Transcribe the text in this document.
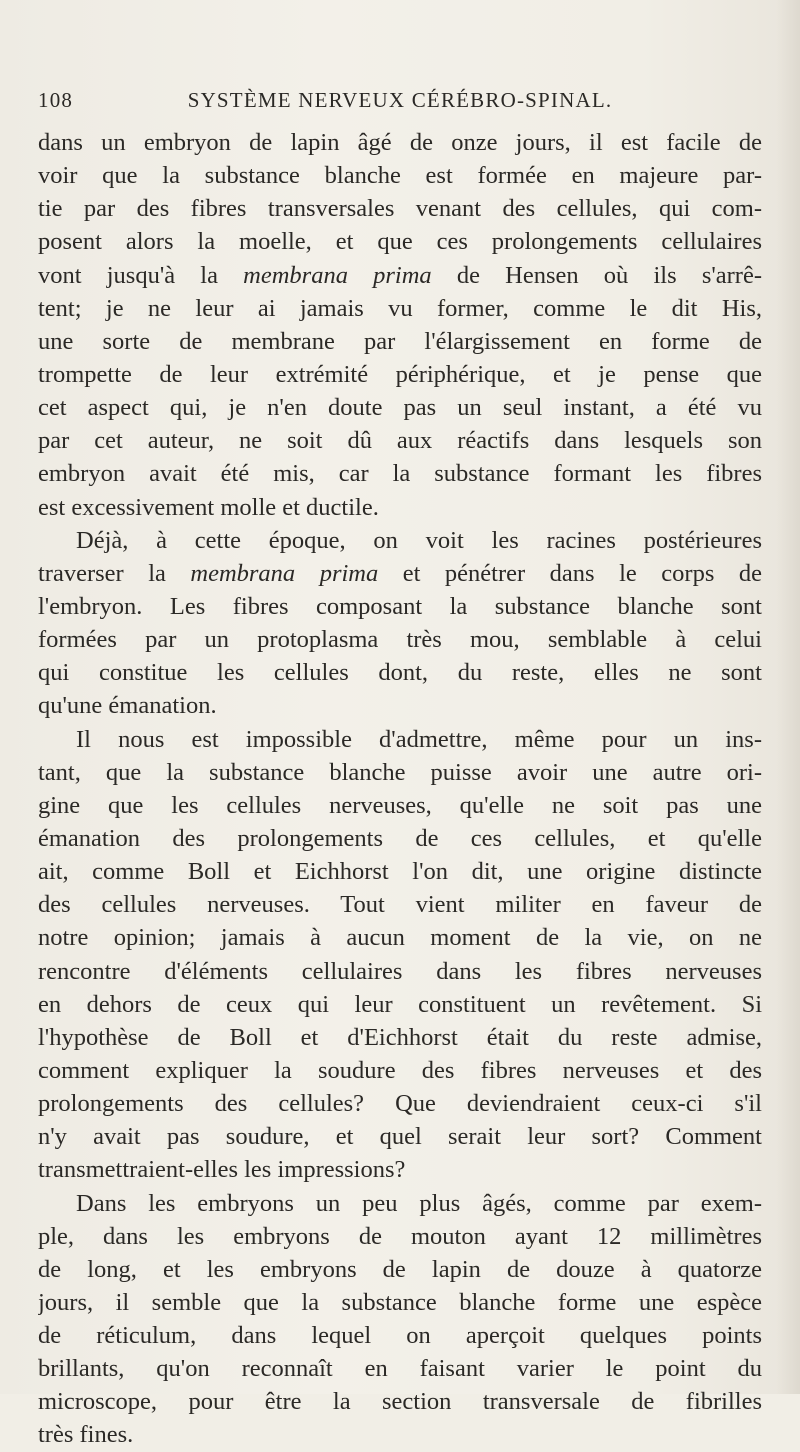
108	SYSTÈME NERVEUX CÉRÉBRO-SPINAL.
dans un embryon de lapin âgé de onze jours, il est facile de
voir que la substance blanche est formée en majeure par-
tie par des fibres transversales venant des cellules, qui com-
posent alors la moelle, et que ces prolongements cellulaires
vont jusqu'à la membrana prima de Hensen où ils s'arrê-
tent; je ne leur ai jamais vu former, comme le dit His,
une sorte de membrane par l'élargissement en forme de
trompette de leur extrémité périphérique, et je pense que
cet aspect qui, je n'en doute pas un seul instant, a été vu
par cet auteur, ne soit dû aux réactifs dans lesquels son
embryon avait été mis, car la substance formant les fibres
est excessivement molle et ductile.
Déjà, à cette époque, on voit les racines postérieures
traverser la membrana prima et pénétrer dans le corps de
l'embryon. Les fibres composant la substance blanche sont
formées par un protoplasma très mou, semblable à celui
qui constitue les cellules dont, du reste, elles ne sont
qu'une émanation.
Il nous est impossible d'admettre, même pour un ins-
tant, que la substance blanche puisse avoir une autre ori-
gine que les cellules nerveuses, qu'elle ne soit pas une
émanation des prolongements de ces cellules, et qu'elle
ait, comme Boll et Eichhorst l'on dit, une origine distincte
des cellules nerveuses. Tout vient militer en faveur de
notre opinion; jamais à aucun moment de la vie, on ne
rencontre d'éléments cellulaires dans les fibres nerveuses
en dehors de ceux qui leur constituent un revêtement. Si
l'hypothèse de Boll et d'Eichhorst était du reste admise,
comment expliquer la soudure des fibres nerveuses et des
prolongements des cellules? Que deviendraient ceux-ci s'il
n'y avait pas soudure, et quel serait leur sort? Comment
transmettraient-elles les impressions?
Dans les embryons un peu plus âgés, comme par exem-
ple, dans les embryons de mouton ayant 12 millimètres
de long, et les embryons de lapin de douze à quatorze
jours, il semble que la substance blanche forme une espèce
de réticulum, dans lequel on aperçoit quelques points
brillants, qu'on reconnaît en faisant varier le point du
microscope, pour être la section transversale de fibrilles
très fines.
